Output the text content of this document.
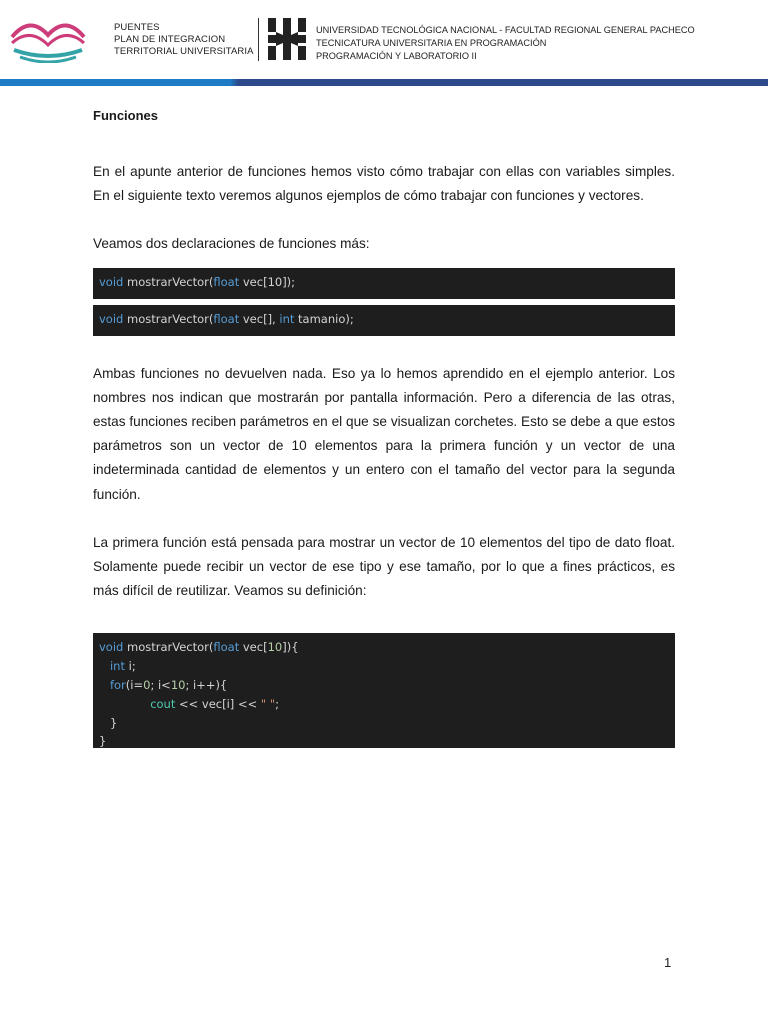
PUENTES
PLAN DE INTEGRACION
TERRITORIAL UNIVERSITARIA
UNIVERSIDAD TECNOLÓGICA NACIONAL - FACULTAD REGIONAL GENERAL PACHECO
TECNICATURA UNIVERSITARIA EN PROGRAMACIÓN
PROGRAMACIÓN Y LABORATORIO II

Funciones

En el apunte anterior de funciones hemos visto cómo trabajar con ellas con variables simples. En el siguiente texto veremos algunos ejemplos de cómo trabajar con funciones y vectores.

Veamos dos declaraciones de funciones más:

void mostrarVector(float vec[10]);
void mostrarVector(float vec[], int tamanio);

Ambas funciones no devuelven nada. Eso ya lo hemos aprendido en el ejemplo anterior. Los nombres nos indican que mostrarán por pantalla información. Pero a diferencia de las otras, estas funciones reciben parámetros en el que se visualizan corchetes. Esto se debe a que estos parámetros son un vector de 10 elementos para la primera función y un vector de una indeterminada cantidad de elementos y un entero con el tamaño del vector para la segunda función.

La primera función está pensada para mostrar un vector de 10 elementos del tipo de dato float. Solamente puede recibir un vector de ese tipo y ese tamaño, por lo que a fines prácticos, es más difícil de reutilizar. Veamos su definición:

void mostrarVector(float vec[10]){
int i;
for(i=0; i<10; i++){
cout << vec[i] << " ";
}
}
1
